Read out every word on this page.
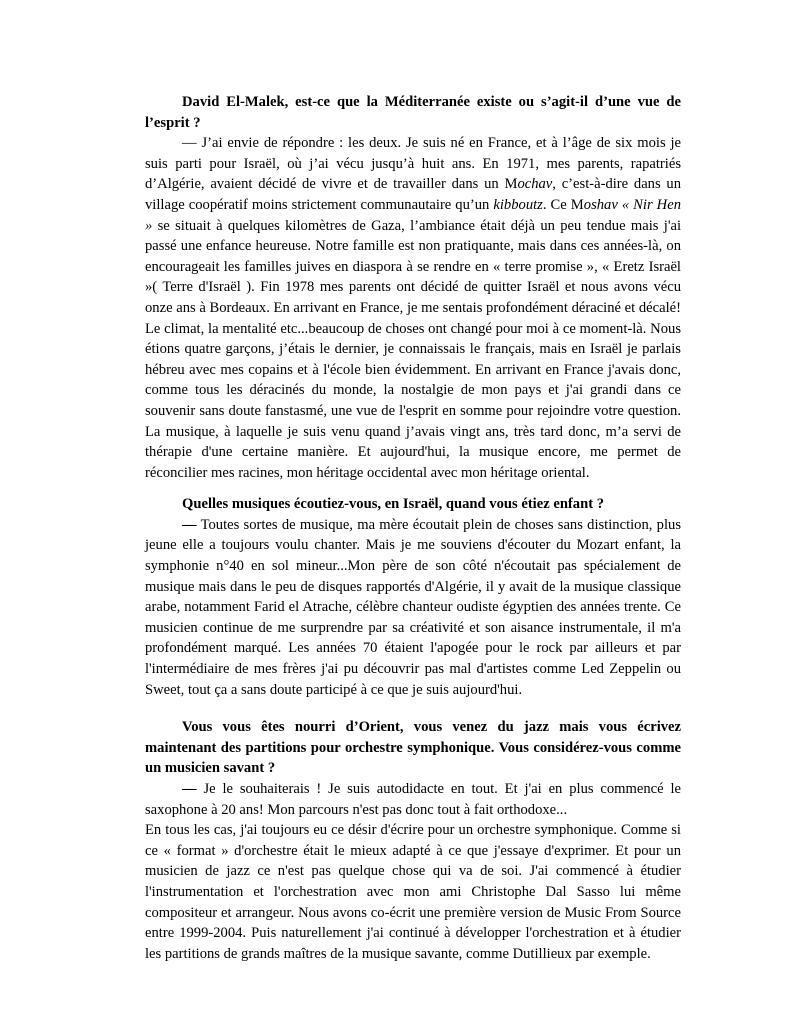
David El-Malek, est-ce que la Méditerranée existe ou s’agit-il d’une vue de l’esprit ?

— J’ai envie de répondre : les deux. Je suis né en France, et à l’âge de six mois je suis parti pour Israël, où j’ai vécu jusqu’à huit ans. En 1971, mes parents, rapatriés d’Algérie, avaient décidé de vivre et de travailler dans un Mochav, c’est-à-dire dans un village coopératif moins strictement communautaire qu’un kibboutz. Ce Moshav « Nir Hen » se situait à quelques kilomètres de Gaza, l’ambiance était déjà un peu tendue mais j'ai passé une enfance heureuse. Notre famille est non pratiquante, mais dans ces années-là, on encourageait les familles juives en diaspora à se rendre en « terre promise », « Eretz Israël »( Terre d'Israël ). Fin 1978 mes parents ont décidé de quitter Israël et nous avons vécu onze ans à Bordeaux. En arrivant en France, je me sentais profondément déraciné et décalé! Le climat, la mentalité etc...beaucoup de choses ont changé pour moi à ce moment-là. Nous étions quatre garçons, j’étais le dernier, je connaissais le français, mais en Israël je parlais hébreu avec mes copains et à l'école bien évidemment. En arrivant en France j'avais donc, comme tous les déracinés du monde, la nostalgie de mon pays et j'ai grandi dans ce souvenir sans doute fanstasmé, une vue de l'esprit en somme pour rejoindre votre question. La musique, à laquelle je suis venu quand j’avais vingt ans, très tard donc, m’a servi de thérapie d'une certaine manière. Et aujourd'hui, la musique encore, me permet de réconcilier mes racines, mon héritage occidental avec mon héritage oriental.

Quelles musiques écoutiez-vous, en Israël, quand vous étiez enfant ?

— Toutes sortes de musique, ma mère écoutait plein de choses sans distinction, plus jeune elle a toujours voulu chanter. Mais je me souviens d'écouter du Mozart enfant, la symphonie n°40 en sol mineur...Mon père de son côté n'écoutait pas spécialement de musique mais dans le peu de disques rapportés d'Algérie, il y avait de la musique classique arabe, notamment Farid el Atrache, célèbre chanteur oudiste égyptien des années trente. Ce musicien continue de me surprendre par sa créativité et son aisance instrumentale, il m'a profondément marqué. Les années 70 étaient l'apogée pour le rock par ailleurs et par l'intermédiaire de mes frères j'ai pu découvrir pas mal d'artistes comme Led Zeppelin ou Sweet, tout ça a sans doute participé à ce que je suis aujourd'hui.

Vous vous êtes nourri d’Orient, vous venez du jazz mais vous écrivez maintenant des partitions pour orchestre symphonique. Vous considérez-vous comme un musicien savant ?

— Je le souhaiterais ! Je suis autodidacte en tout. Et j'ai en plus commencé le saxophone à 20 ans! Mon parcours n'est pas donc tout à fait orthodoxe...

En tous les cas, j'ai toujours eu ce désir d'écrire pour un orchestre symphonique. Comme si ce « format » d'orchestre était le mieux adapté à ce que j'essaye d'exprimer. Et pour un musicien de jazz ce n'est pas quelque chose qui va de soi. J'ai commencé à étudier l'instrumentation et l'orchestration avec mon ami Christophe Dal Sasso lui même compositeur et arrangeur. Nous avons co-écrit une première version de Music From Source entre 1999-2004. Puis naturellement j'ai continué à développer l'orchestration et à étudier les partitions de grands maîtres de la musique savante, comme Dutillieux par exemple.
